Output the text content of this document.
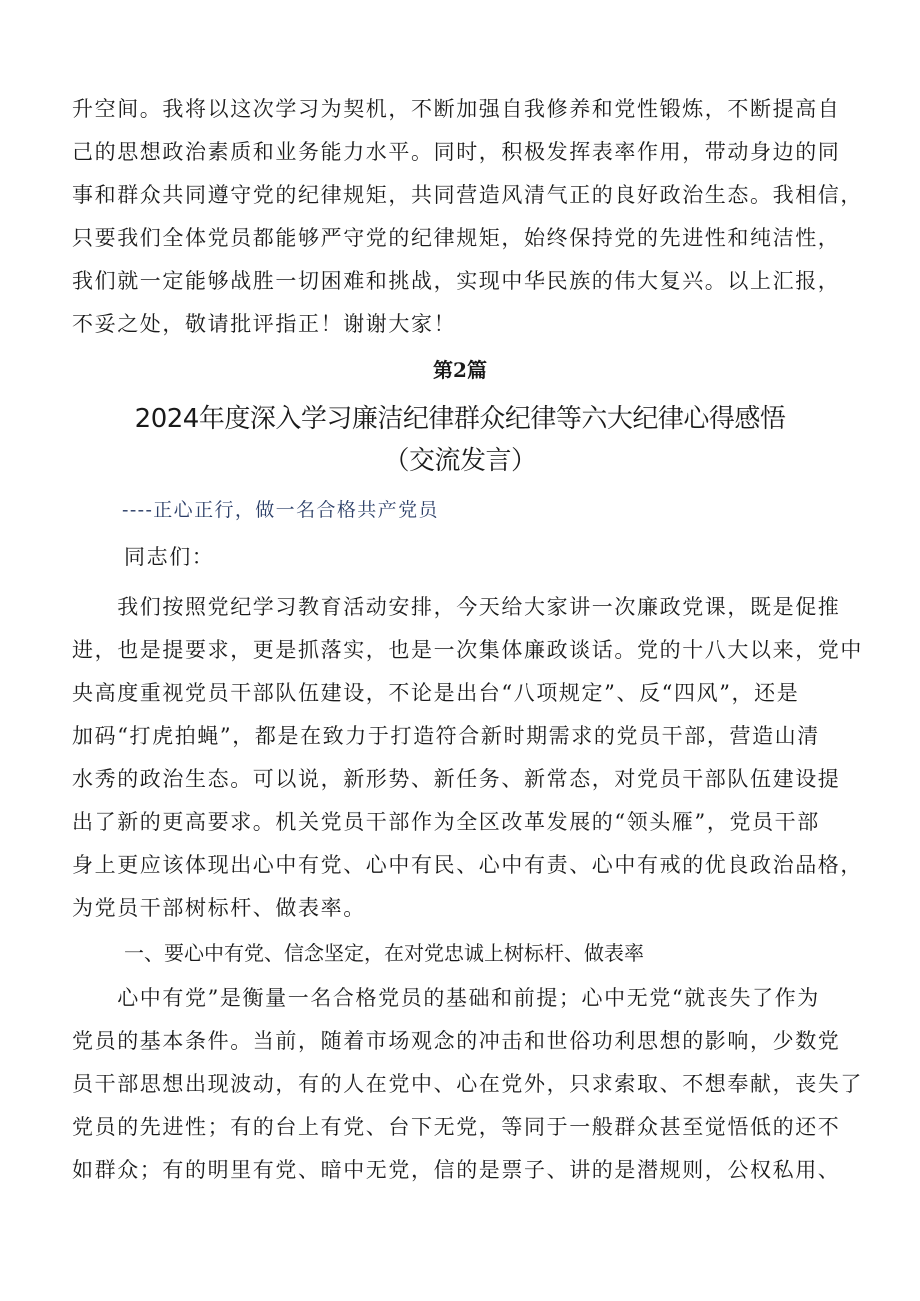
升空间。我将以这次学习为契机，不断加强自我修养和党性锻炼，不断提高自
己的思想政治素质和业务能力水平。同时，积极发挥表率作用，带动身边的同
事和群众共同遵守党的纪律规矩，共同营造风清气正的良好政治生态。我相信，
只要我们全体党员都能够严守党的纪律规矩，始终保持党的先进性和纯洁性，
我们就一定能够战胜一切困难和挑战，实现中华民族的伟大复兴。以上汇报，
不妥之处，敬请批评指正！谢谢大家！

第2篇
2024年度深入学习廉洁纪律群众纪律等六大纪律心得感悟
（交流发言）
----正心正行，做一名合格共产党员
同志们：

　　我们按照党纪学习教育活动安排，今天给大家讲一次廉政党课，既是促推
进，也是提要求，更是抓落实，也是一次集体廉政谈话。党的十八大以来，党中
央高度重视党员干部队伍建设，不论是出台“八项规定”、反“四风”，还是
加码“打虎拍蝇”，都是在致力于打造符合新时期需求的党员干部，营造山清
水秀的政治生态。可以说，新形势、新任务、新常态，对党员干部队伍建设提
出了新的更高要求。机关党员干部作为全区改革发展的“领头雁”，党员干部
身上更应该体现出心中有党、心中有民、心中有责、心中有戒的优良政治品格，
为党员干部树标杆、做表率。

一、要心中有党、信念坚定，在对党忠诚上树标杆、做表率

　　心中有党”是衡量一名合格党员的基础和前提；心中无党“就丧失了作为
党员的基本条件。当前，随着市场观念的冲击和世俗功利思想的影响，少数党
员干部思想出现波动，有的人在党中、心在党外，只求索取、不想奉献，丧失了
党员的先进性；有的台上有党、台下无党，等同于一般群众甚至觉悟低的还不
如群众；有的明里有党、暗中无党，信的是票子、讲的是潜规则，公权私用、
